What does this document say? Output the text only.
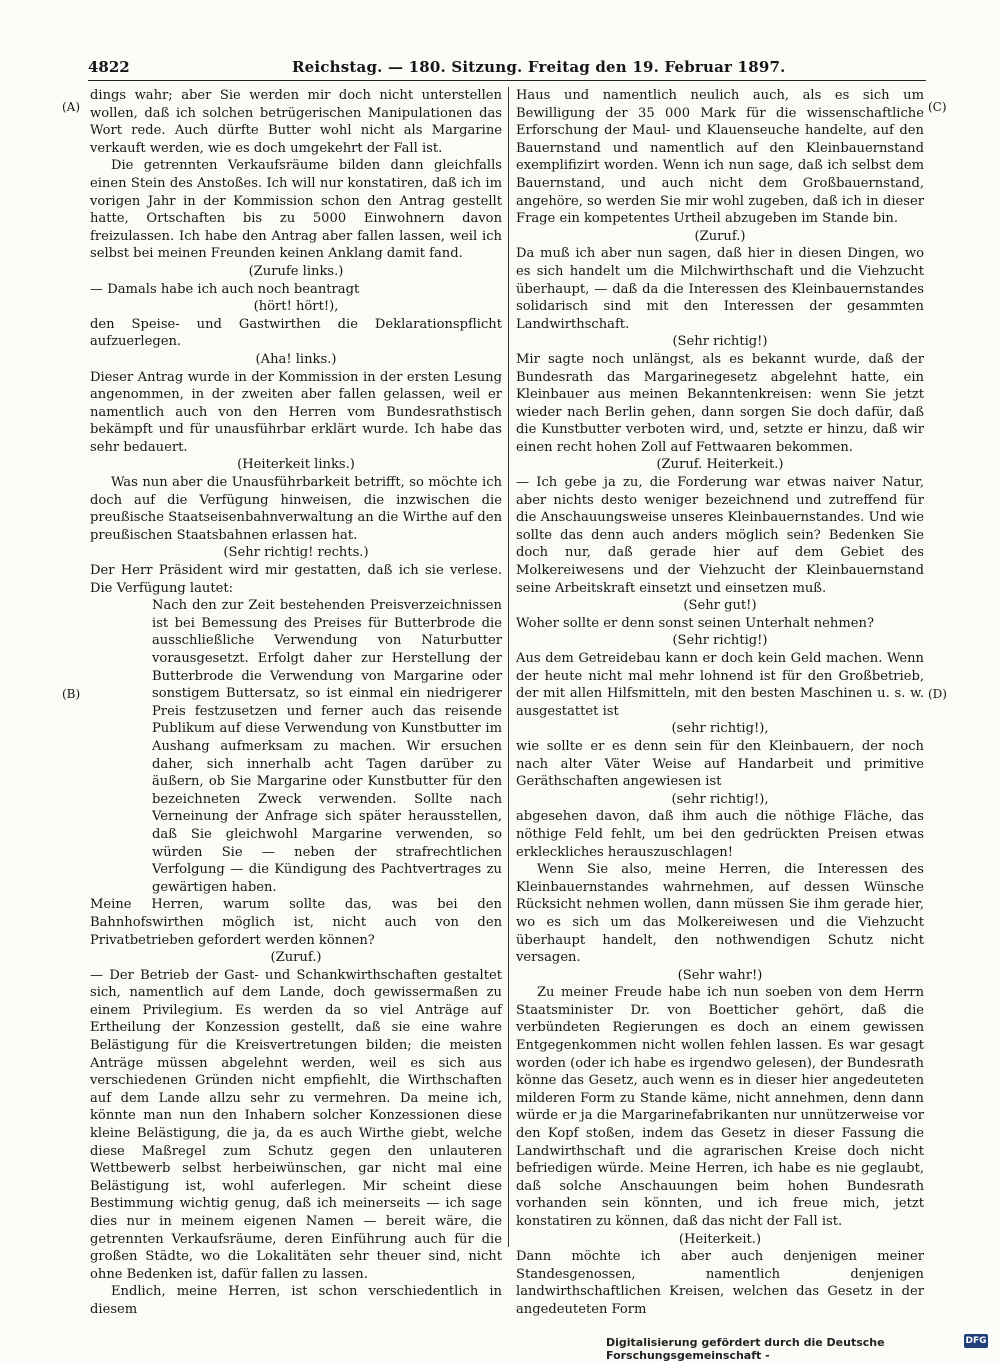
4822	Reichstag. — 180. Sitzung. Freitag den 19. Februar 1897.
(A)
(B)
(C)
(D)

dings wahr; aber Sie werden mir doch nicht unterstellen wollen, daß ich solchen betrügerischen Manipulationen das Wort rede. Auch dürfte Butter wohl nicht als Margarine verkauft werden, wie es doch umgekehrt der Fall ist.

Die getrennten Verkaufsräume bilden dann gleichfalls einen Stein des Anstoßes. Ich will nur konstatiren, daß ich im vorigen Jahr in der Kommission schon den Antrag gestellt hatte, Ortschaften bis zu 5000 Einwohnern davon freizulassen. Ich habe den Antrag aber fallen lassen, weil ich selbst bei meinen Freunden keinen Anklang damit fand.

(Zurufe links.)

— Damals habe ich auch noch beantragt

(hört! hört!),

den Speise- und Gastwirthen die Deklarationspflicht aufzuerlegen.

(Aha! links.)

Dieser Antrag wurde in der Kommission in der ersten Lesung angenommen, in der zweiten aber fallen gelassen, weil er namentlich auch von den Herren vom Bundesrathstisch bekämpft und für unausführbar erklärt wurde. Ich habe das sehr bedauert.

(Heiterkeit links.)

Was nun aber die Unausführbarkeit betrifft, so möchte ich doch auf die Verfügung hinweisen, die inzwischen die preußische Staatseisenbahnverwaltung an die Wirthe auf den preußischen Staatsbahnen erlassen hat.

(Sehr richtig! rechts.)

Der Herr Präsident wird mir gestatten, daß ich sie verlese. Die Verfügung lautet:

Nach den zur Zeit bestehenden Preisverzeichnissen ist bei Bemessung des Preises für Butterbrode die ausschließliche Verwendung von Naturbutter vorausgesetzt. Erfolgt daher zur Herstellung der Butterbrode die Verwendung von Margarine oder sonstigem Buttersatz, so ist einmal ein niedrigerer Preis festzusetzen und ferner auch das reisende Publikum auf diese Verwendung von Kunstbutter im Aushang aufmerksam zu machen. Wir ersuchen daher, sich innerhalb acht Tagen darüber zu äußern, ob Sie Margarine oder Kunstbutter für den bezeichneten Zweck verwenden. Sollte nach Verneinung der Anfrage sich später herausstellen, daß Sie gleichwohl Margarine verwenden, so würden Sie — neben der strafrechtlichen Verfolgung — die Kündigung des Pachtvertrages zu gewärtigen haben.

Meine Herren, warum sollte das, was bei den Bahnhofswirthen möglich ist, nicht auch von den Privatbetrieben gefordert werden können?

(Zuruf.)

— Der Betrieb der Gast- und Schankwirthschaften gestaltet sich, namentlich auf dem Lande, doch gewissermaßen zu einem Privilegium. Es werden da so viel Anträge auf Ertheilung der Konzession gestellt, daß sie eine wahre Belästigung für die Kreisvertretungen bilden; die meisten Anträge müssen abgelehnt werden, weil es sich aus verschiedenen Gründen nicht empfiehlt, die Wirthschaften auf dem Lande allzu sehr zu vermehren. Da meine ich, könnte man nun den Inhabern solcher Konzessionen diese kleine Belästigung, die ja, da es auch Wirthe giebt, welche diese Maßregel zum Schutz gegen den unlauteren Wettbewerb selbst herbeiwünschen, gar nicht mal eine Belästigung ist, wohl auferlegen. Mir scheint diese Bestimmung wichtig genug, daß ich meinerseits — ich sage dies nur in meinem eigenen Namen — bereit wäre, die getrennten Verkaufsräume, deren Einführung auch für die großen Städte, wo die Lokalitäten sehr theuer sind, nicht ohne Bedenken ist, dafür fallen zu lassen.

Endlich, meine Herren, ist schon verschiedentlich in diesem

Haus und namentlich neulich auch, als es sich um Bewilligung der 35 000 Mark für die wissenschaftliche Erforschung der Maul- und Klauenseuche handelte, auf den Bauernstand und namentlich auf den Kleinbauernstand exemplifizirt worden. Wenn ich nun sage, daß ich selbst dem Bauernstand, und auch nicht dem Großbauernstand, angehöre, so werden Sie mir wohl zugeben, daß ich in dieser Frage ein kompetentes Urtheil abzugeben im Stande bin.

(Zuruf.)

Da muß ich aber nun sagen, daß hier in diesen Dingen, wo es sich handelt um die Milchwirthschaft und die Viehzucht überhaupt, — daß da die Interessen des Kleinbauernstandes solidarisch sind mit den Interessen der gesammten Landwirthschaft.

(Sehr richtig!)

Mir sagte noch unlängst, als es bekannt wurde, daß der Bundesrath das Margarinegesetz abgelehnt hatte, ein Kleinbauer aus meinen Bekanntenkreisen: wenn Sie jetzt wieder nach Berlin gehen, dann sorgen Sie doch dafür, daß die Kunstbutter verboten wird, und, setzte er hinzu, daß wir einen recht hohen Zoll auf Fettwaaren bekommen.

(Zuruf. Heiterkeit.)

— Ich gebe ja zu, die Forderung war etwas naiver Natur, aber nichts desto weniger bezeichnend und zutreffend für die Anschauungsweise unseres Kleinbauernstandes. Und wie sollte das denn auch anders möglich sein? Bedenken Sie doch nur, daß gerade hier auf dem Gebiet des Molkereiwesens und der Viehzucht der Kleinbauernstand seine Arbeitskraft einsetzt und einsetzen muß.

(Sehr gut!)

Woher sollte er denn sonst seinen Unterhalt nehmen?

(Sehr richtig!)

Aus dem Getreidebau kann er doch kein Geld machen. Wenn der heute nicht mal mehr lohnend ist für den Großbetrieb, der mit allen Hilfsmitteln, mit den besten Maschinen u. s. w. ausgestattet ist

(sehr richtig!),

wie sollte er es denn sein für den Kleinbauern, der noch nach alter Väter Weise auf Handarbeit und primitive Geräthschaften angewiesen ist

(sehr richtig!),

abgesehen davon, daß ihm auch die nöthige Fläche, das nöthige Feld fehlt, um bei den gedrückten Preisen etwas erkleckliches herauszuschlagen!

Wenn Sie also, meine Herren, die Interessen des Kleinbauernstandes wahrnehmen, auf dessen Wünsche Rücksicht nehmen wollen, dann müssen Sie ihm gerade hier, wo es sich um das Molkereiwesen und die Viehzucht überhaupt handelt, den nothwendigen Schutz nicht versagen.

(Sehr wahr!)

Zu meiner Freude habe ich nun soeben von dem Herrn Staatsminister Dr. von Boetticher gehört, daß die verbündeten Regierungen es doch an einem gewissen Entgegenkommen nicht wollen fehlen lassen. Es war gesagt worden (oder ich habe es irgendwo gelesen), der Bundesrath könne das Gesetz, auch wenn es in dieser hier angedeuteten milderen Form zu Stande käme, nicht annehmen, denn dann würde er ja die Margarinefabrikanten nur unnützerweise vor den Kopf stoßen, indem das Gesetz in dieser Fassung die Landwirthschaft und die agrarischen Kreise doch nicht befriedigen würde. Meine Herren, ich habe es nie geglaubt, daß solche Anschauungen beim hohen Bundesrath vorhanden sein könnten, und ich freue mich, jetzt konstatiren zu können, daß das nicht der Fall ist.

(Heiterkeit.)

Dann möchte ich aber auch denjenigen meiner Standesgenossen, namentlich denjenigen landwirthschaftlichen Kreisen, welchen das Gesetz in der angedeuteten Form

Digitalisierung gefördert durch die Deutsche Forschungsgemeinschaft -
DFG
